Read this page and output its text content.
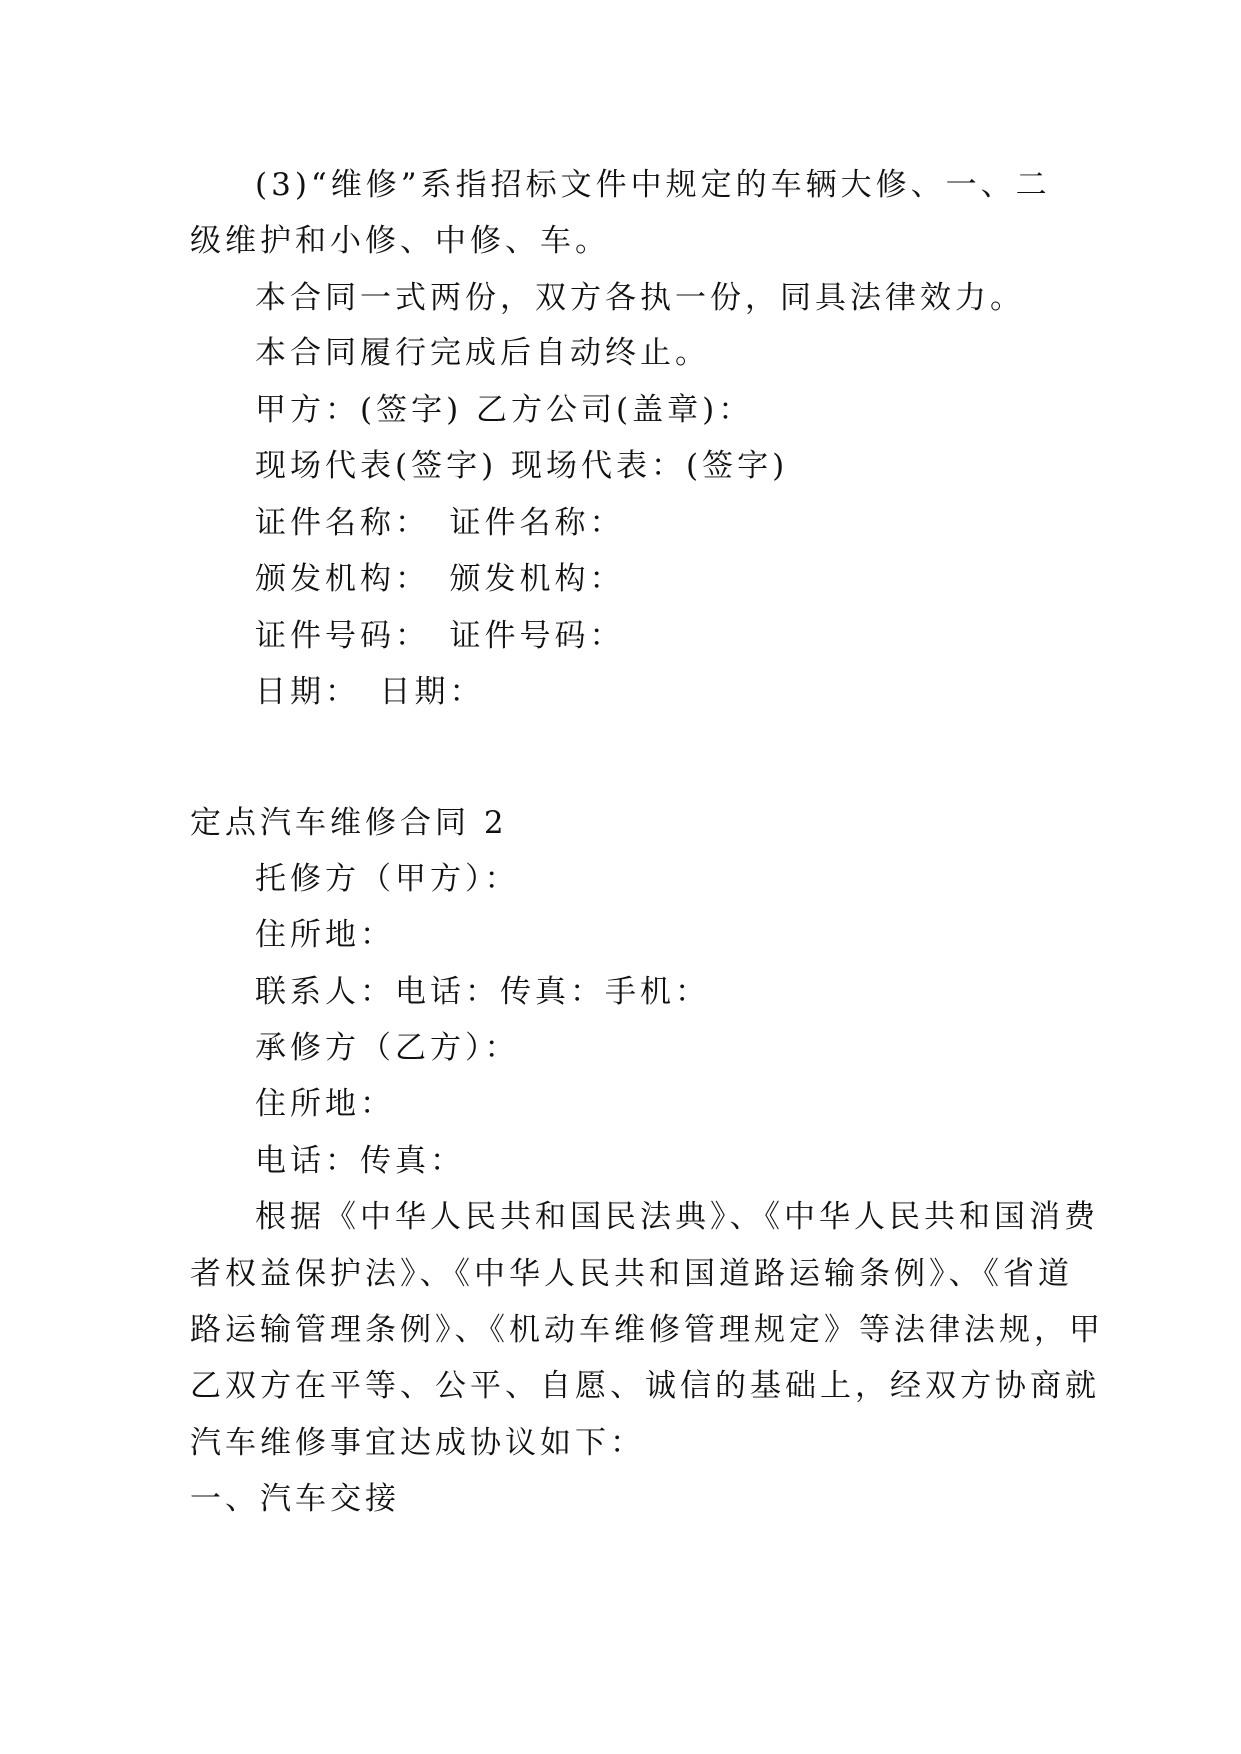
(3)“维修”系指招标文件中规定的车辆大修、一、二
级维护和小修、中修、车。
本合同一式两份，双方各执一份，同具法律效力。
本合同履行完成后自动终止。
甲方：(签字) 乙方公司(盖章)：
现场代表(签字) 现场代表：(签字)
证件名称：　证件名称：
颁发机构：　颁发机构：
证件号码：　证件号码：
日期：　日期：
定点汽车维修合同 2
托修方（甲方）：
住所地：
联系人：电话：传真：手机：
承修方（乙方）：
住所地：
电话：传真：
根据《中华人民共和国民法典》、《中华人民共和国消费
者权益保护法》、《中华人民共和国道路运输条例》、《省道
路运输管理条例》、《机动车维修管理规定》等法律法规，甲
乙双方在平等、公平、自愿、诚信的基础上，经双方协商就
汽车维修事宜达成协议如下：
一、汽车交接
